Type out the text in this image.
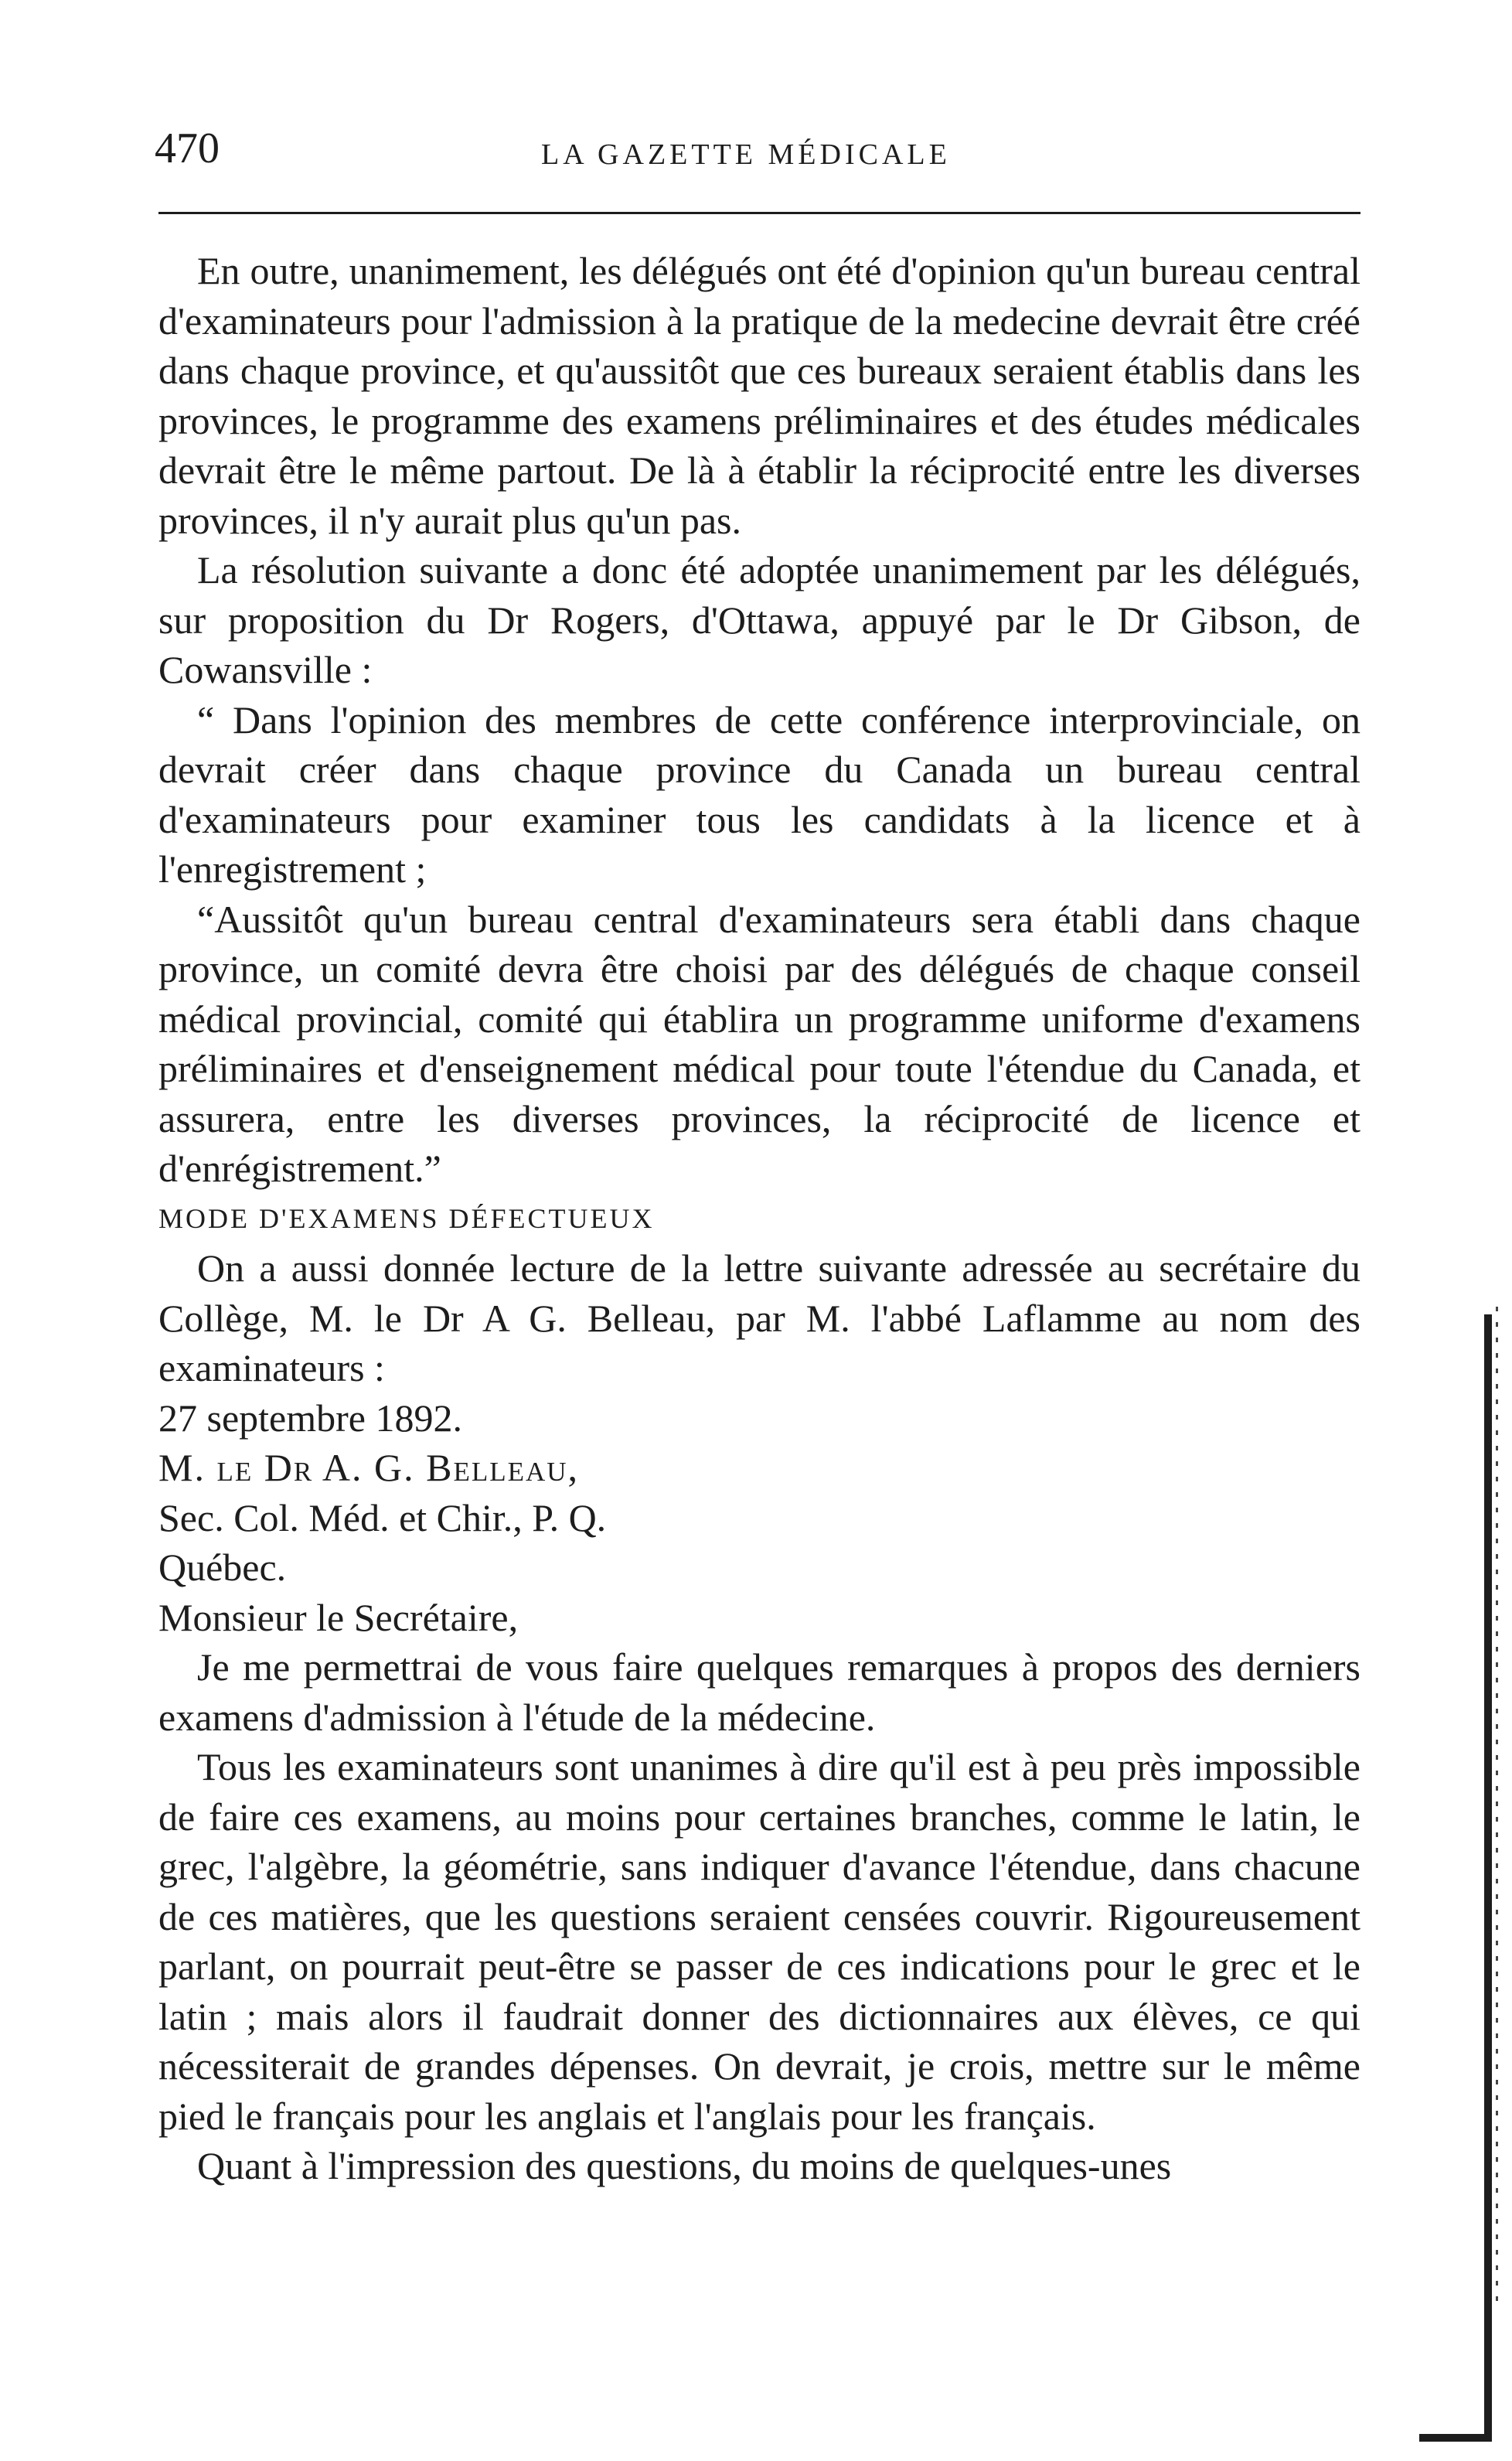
470	LA GAZETTE MÉDICALE

En outre, unanimement, les délégués ont été d'opinion qu'un bureau central d'examinateurs pour l'admission à la pratique de la medecine devrait être créé dans chaque province, et qu'aussitôt que ces bureaux seraient établis dans les provinces, le programme des examens préliminaires et des études médicales devrait être le même partout. De là à établir la réciprocité entre les diverses provinces, il n'y aurait plus qu'un pas.

La résolution suivante a donc été adoptée unanimement par les délégués, sur proposition du Dr Rogers, d'Ottawa, appuyé par le Dr Gibson, de Cowansville :

“ Dans l'opinion des membres de cette conférence interprovinciale, on devrait créer dans chaque province du Canada un bureau central d'examinateurs pour examiner tous les candidats à la licence et à l'enregistrement ;

“Aussitôt qu'un bureau central d'examinateurs sera établi dans chaque province, un comité devra être choisi par des délégués de chaque conseil médical provincial, comité qui établira un programme uniforme d'examens préliminaires et d'enseignement médical pour toute l'étendue du Canada, et assurera, entre les diverses provinces, la réciprocité de licence et d'enrégistrement.”

MODE D'EXAMENS DÉFECTUEUX

On a aussi donnée lecture de la lettre suivante adressée au secrétaire du Collège, M. le Dr A G. Belleau, par M. l'abbé Laflamme au nom des examinateurs :

27 septembre 1892.

M. le Dr A. G. Belleau,

Sec. Col. Méd. et Chir., P. Q.

Québec.

Monsieur le Secrétaire,

Je me permettrai de vous faire quelques remarques à propos des derniers examens d'admission à l'étude de la médecine.

Tous les examinateurs sont unanimes à dire qu'il est à peu près impossible de faire ces examens, au moins pour certaines branches, comme le latin, le grec, l'algèbre, la géométrie, sans indiquer d'avance l'étendue, dans chacune de ces matières, que les questions seraient censées couvrir. Rigoureusement parlant, on pourrait peut-être se passer de ces indications pour le grec et le latin ; mais alors il faudrait donner des dictionnaires aux élèves, ce qui nécessiterait de grandes dépenses. On devrait, je crois, mettre sur le même pied le français pour les anglais et l'anglais pour les français.

Quant à l'impression des questions, du moins de quelques-unes
